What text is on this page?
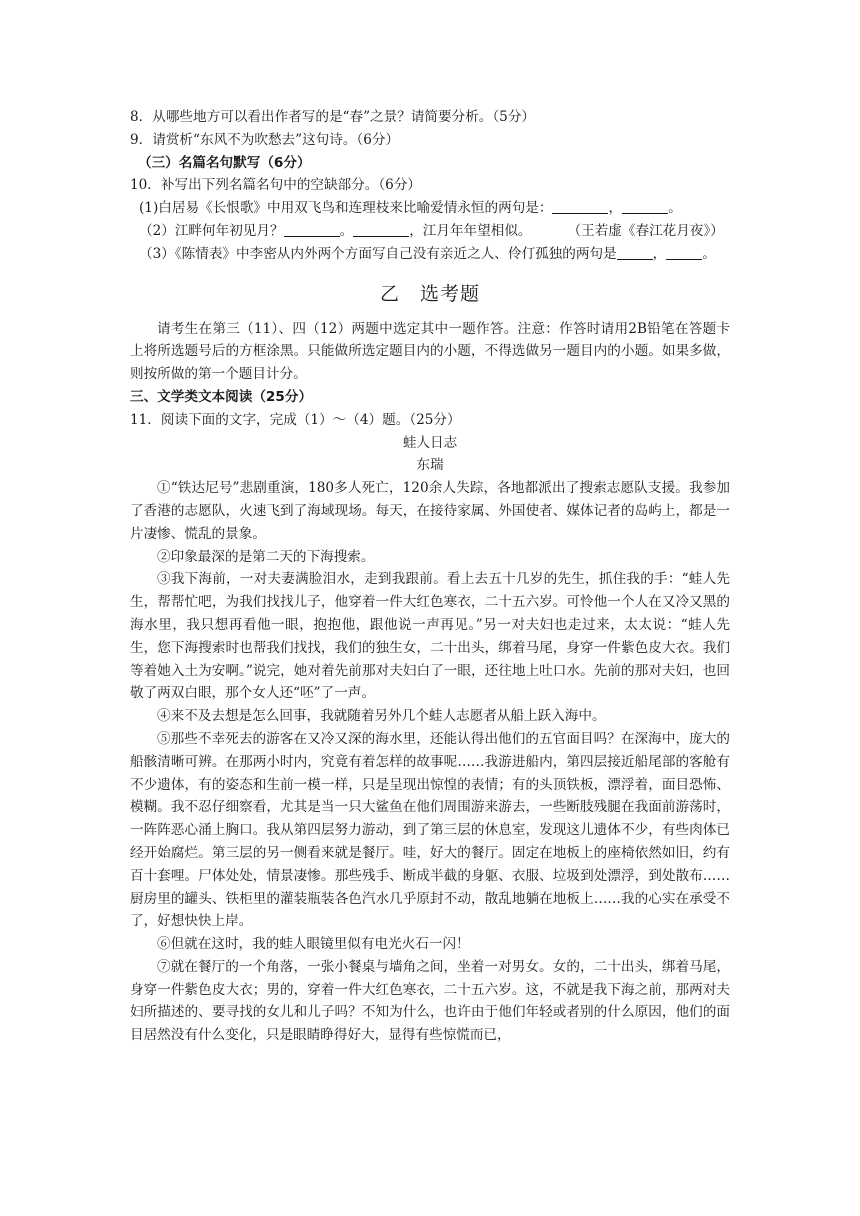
8．从哪些地方可以看出作者写的是“春”之景？请简要分析。（5分）

9．请赏析“东风不为吹愁去”这句诗。（6分）

（三）名篇名句默写（6分）

10．补写出下列名篇名句中的空缺部分。（6分）

(1)白居易《长恨歌》中用双飞鸟和连理枝来比喻爱情永恒的两句是：	，	。

（2）江畔何年初见月？	。	，江月年年望相似。	（王若虚《春江花月夜》）

（3）《陈情表》中李密从内外两个方面写自己没有亲近之人、伶仃孤独的两句是	，	。

乙　选考题

请考生在第三（11）、四（12）两题中选定其中一题作答。注意：作答时请用2B铅笔在答题卡上将所选题号后的方框涂黑。只能做所选定题目内的小题，不得选做另一题目内的小题。如果多做，则按所做的第一个题目计分。

三、文学类文本阅读（25分）

11．阅读下面的文字，完成（1）～（4）题。（25分）

蛙人日志

东瑞

①“铁达尼号”悲剧重演，180多人死亡，120余人失踪，各地都派出了搜索志愿队支援。我参加了香港的志愿队，火速飞到了海域现场。每天，在接待家属、外国使者、媒体记者的岛屿上，都是一片凄惨、慌乱的景象。

②印象最深的是第二天的下海搜索。

③我下海前，一对夫妻满脸泪水，走到我跟前。看上去五十几岁的先生，抓住我的手：“蛙人先生，帮帮忙吧，为我们找找儿子，他穿着一件大红色寒衣，二十五六岁。可怜他一个人在又冷又黑的海水里，我只想再看他一眼，抱抱他，跟他说一声再见。”另一对夫妇也走过来，太太说：“蛙人先生，您下海搜索时也帮我们找找，我们的独生女，二十出头，绑着马尾，身穿一件紫色皮大衣。我们等着她入土为安啊。”说完，她对着先前那对夫妇白了一眼，还往地上吐口水。先前的那对夫妇，也回敬了两双白眼，那个女人还“呸”了一声。

④来不及去想是怎么回事，我就随着另外几个蛙人志愿者从船上跃入海中。

⑤那些不幸死去的游客在又冷又深的海水里，还能认得出他们的五官面目吗？在深海中，庞大的船骸清晰可辨。在那两小时内，究竟有着怎样的故事呢……我游进船内，第四层接近船尾部的客舱有不少遗体，有的姿态和生前一模一样，只是呈现出惊惶的表情；有的头顶铁板，漂浮着，面目恐怖、模糊。我不忍仔细察看，尤其是当一只大鲨鱼在他们周围游来游去，一些断肢残腿在我面前游荡时，一阵阵恶心涌上胸口。我从第四层努力游动，到了第三层的休息室，发现这儿遗体不少，有些肉体已经开始腐烂。第三层的另一侧看来就是餐厅。哇，好大的餐厅。固定在地板上的座椅依然如旧，约有百十套哩。尸体处处，情景凄惨。那些残手、断成半截的身躯、衣服、垃圾到处漂浮，到处散布……厨房里的罐头、铁柜里的灌装瓶装各色汽水几乎原封不动，散乱地躺在地板上……我的心实在承受不了，好想快快上岸。

⑥但就在这时，我的蛙人眼镜里似有电光火石一闪！

⑦就在餐厅的一个角落，一张小餐桌与墙角之间，坐着一对男女。女的，二十出头，绑着马尾，身穿一件紫色皮大衣；男的，穿着一件大红色寒衣，二十五六岁。这，不就是我下海之前，那两对夫妇所描述的、要寻找的女儿和儿子吗？不知为什么，也许由于他们年轻或者别的什么原因，他们的面目居然没有什么变化，只是眼睛睁得好大，显得有些惊慌而已，
